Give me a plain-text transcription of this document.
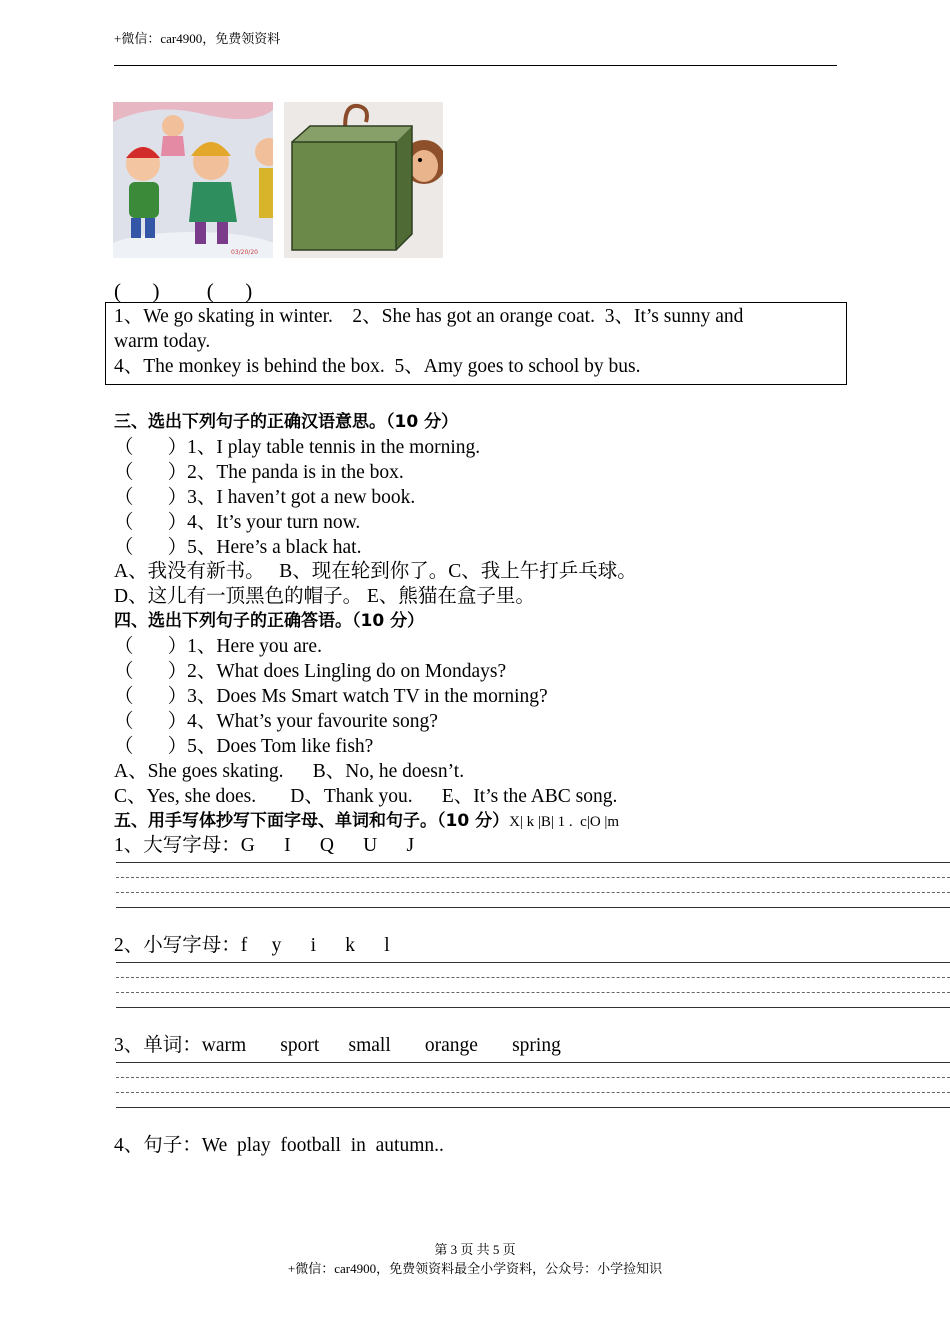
+微信：car4900，免费领资料
03/20/20
(      )         (      )
1、We go skating in winter.    2、She has got an orange coat.  3、It’s sunny and
warm today.
4、The monkey is behind the box.  5、Amy goes to school by bus.
三、选出下列句子的正确汉语意思。（10 分）
（       ）1、I play table tennis in the morning.
（       ）2、The panda is in the box.
（       ）3、I haven’t got a new book.
（       ）4、It’s your turn now.
（       ）5、Here’s a black hat.
A、我没有新书。   B、现在轮到你了。C、我上午打乒乓球。
D、这儿有一顶黑色的帽子。 E、熊猫在盒子里。
四、选出下列句子的正确答语。（10 分）
（       ）1、Here you are.
（       ）2、What does Lingling do on Mondays?
（       ）3、Does Ms Smart watch TV in the morning?
（       ）4、What’s your favourite song?
（       ）5、Does Tom like fish?
A、She goes skating.      B、No, he doesn’t.
C、Yes, she does.       D、Thank you.      E、It’s the ABC song.
五、用手写体抄写下面字母、单词和句子。（10 分）X| k |B| 1 .  c|O |m
1、大写字母：G      I      Q      U      J
2、小写字母：f     y      i      k      l
3、单词：warm       sport      small       orange       spring
4、句子：We  play  football  in  autumn..
第 3 页 共 5 页
+微信：car4900，免费领资料最全小学资料，公众号：小学捡知识
